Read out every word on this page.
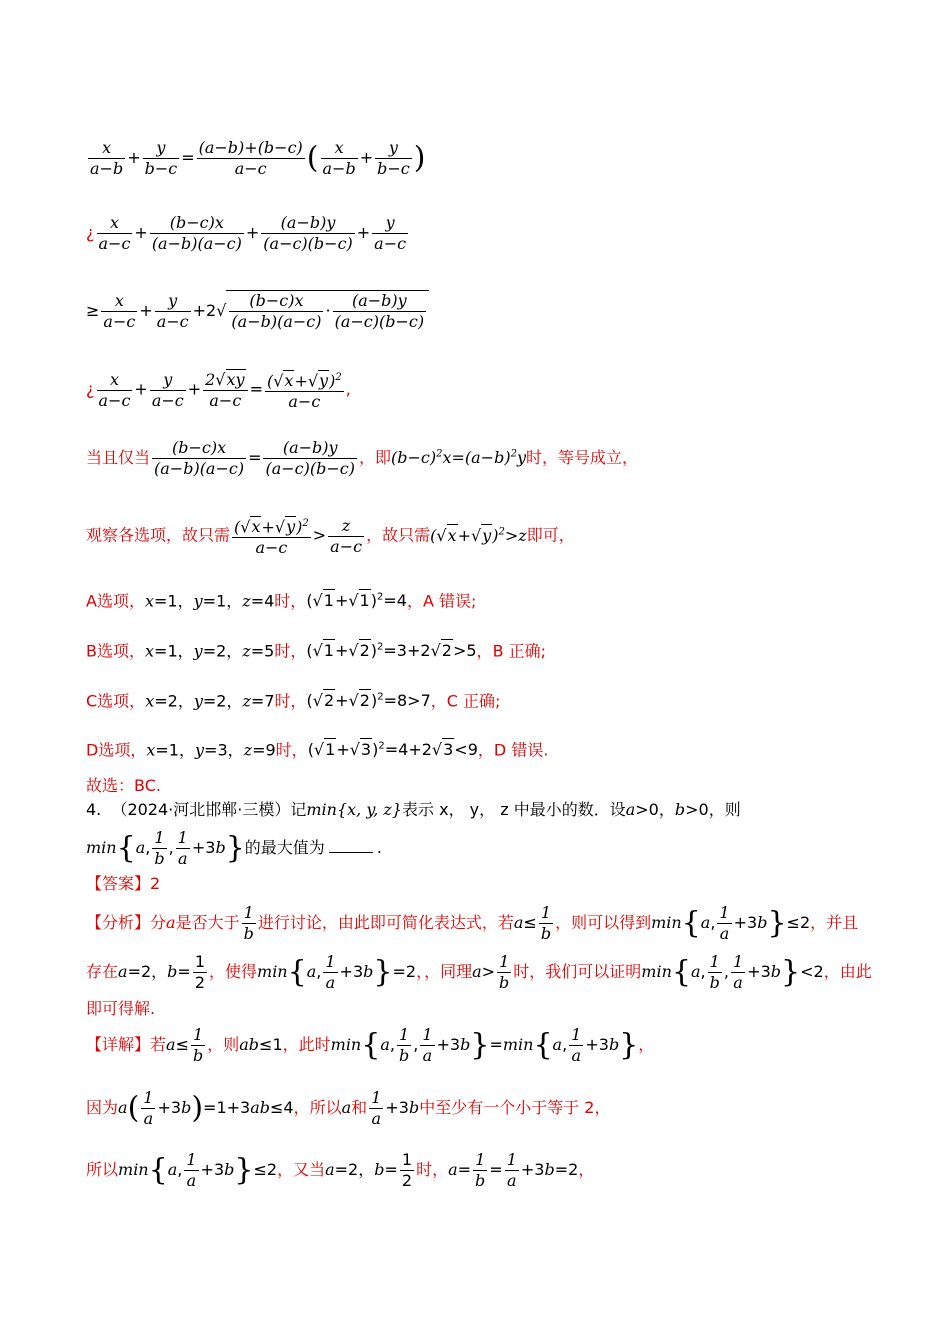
$\frac{x}{a-b} + \frac{y}{b-c} = \frac{(a-b)+(b-c)}{a-c}$ ( $\frac{x}{a-b} + \frac{y}{b-c}$ )
¿ $\frac{x}{a-c} + \frac{(b-c)x}{(a-b)(a-c)} + \frac{(a-b)y}{(a-c)(b-c)} + \frac{y}{a-c}$
≥ $\frac{x}{a-c} + \frac{y}{a-c} +2√ \frac{(b-c)x}{(a-b)(a-c)} \cdot \frac{(a-b)y}{(a-c)(b-c)}$
¿ $\frac{x}{a-c} + \frac{y}{a-c} + \frac{2√xy}{a-c} = \frac{(√x+√y)^2}{a-c}$ ,
当且仅当 $\frac{(b-c)x}{(a-b)(a-c)} = \frac{(a-b)y}{(a-c)(b-c)}$ ，即$(b-c)^2x=(a-b)^2y$时，等号成立，
观察各选项，故只需 $\frac{(√x+√y)^2}{a-c} > \frac{z}{a-c}$ ，故只需$(√x+√y)^2>z$即可，
A选项，x=1，y=1，z=4时，$(√1+√1)^2=4$，A 错误;
B选项，x=1，y=2，z=5时，$(√1+√2)^2=3+2√2>5$，B 正确;
C选项，x=2，y=2，z=7时，$(√2+√2)^2=8>7$，C 正确;
D选项，x=1，y=3，z=9时，$(√1+√3)^2=4+2√3<9$，D 错误.
故选：BC.
4. （2024·河北邯郸·三模）记min{x, y, z}表示 x， y， z 中最小的数．设a>0，b>0，则
min{a, $\frac{1}{b}$ , $\frac{1}{a} +3b$}的最大值为	.
【答案】2
【分析】分a是否大于 $\frac{1}{b}$ 进行讨论，由此即可简化表达式，若$a\le \frac{1}{b}$ ，则可以得到min{a, $\frac{1}{a} +3b\}\le 2$，并且
存在a=2，$b= \frac{1}{2}$ ，使得min{a, $\frac{1}{a} +3b\}=2$，，同理$a> \frac{1}{b}$ 时，我们可以证明min{a, $\frac{1}{b}$ , $\frac{1}{a} +3b\}<2$，由此
即可得解.
【详解】若$a\le \frac{1}{b}$ ，则ab≤1，此时min{a, $\frac{1}{b}$ , $\frac{1}{a} +3b\}=\min\{a$, $\frac{1}{a} +3b$}，
因为$a( \frac{1}{a} +3b)=1+3ab\le 4$，所以a和 $\frac{1}{a} +3b$中至少有一个小于等于 2，
所以min{a, $\frac{1}{a} +3b\}\le 2$，又当a=2，$b= \frac{1}{2}$ 时，$a= \frac{1}{b} = \frac{1}{a} +3b=2$，
